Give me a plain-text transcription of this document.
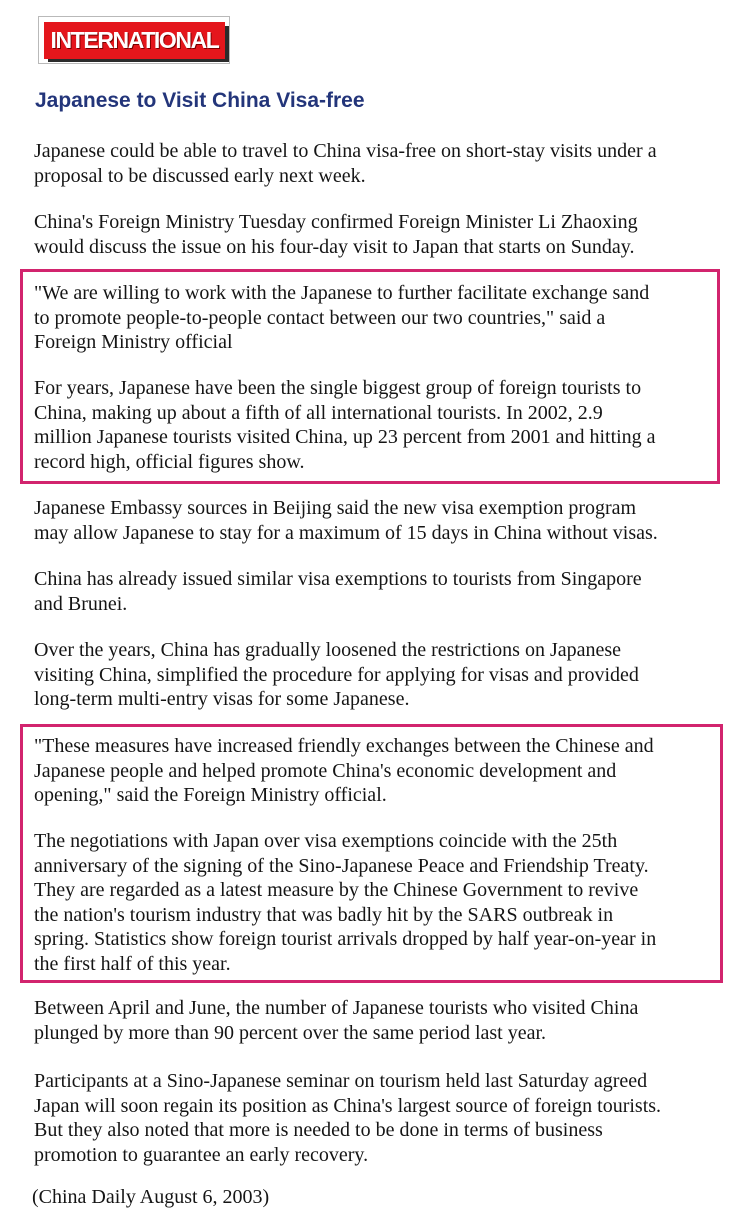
INTERNATIONAL
Japanese to Visit China Visa-free

Japanese could be able to travel to China visa-free on short-stay visits under a
proposal to be discussed early next week.

China's Foreign Ministry Tuesday confirmed Foreign Minister Li Zhaoxing
would discuss the issue on his four-day visit to Japan that starts on Sunday.

"We are willing to work with the Japanese to further facilitate exchange sand
to promote people-to-people contact between our two countries," said a
Foreign Ministry official

For years, Japanese have been the single biggest group of foreign tourists to
China, making up about a fifth of all international tourists. In 2002, 2.9
million Japanese tourists visited China, up 23 percent from 2001 and hitting a
record high, official figures show.

Japanese Embassy sources in Beijing said the new visa exemption program
may allow Japanese to stay for a maximum of 15 days in China without visas.

China has already issued similar visa exemptions to tourists from Singapore
and Brunei.

Over the years, China has gradually loosened the restrictions on Japanese
visiting China, simplified the procedure for applying for visas and provided
long-term multi-entry visas for some Japanese.

"These measures have increased friendly exchanges between the Chinese and
Japanese people and helped promote China's economic development and
opening," said the Foreign Ministry official.

The negotiations with Japan over visa exemptions coincide with the 25th
anniversary of the signing of the Sino-Japanese Peace and Friendship Treaty.
They are regarded as a latest measure by the Chinese Government to revive
the nation's tourism industry that was badly hit by the SARS outbreak in
spring. Statistics show foreign tourist arrivals dropped by half year-on-year in
the first half of this year.

Between April and June, the number of Japanese tourists who visited China
plunged by more than 90 percent over the same period last year.

Participants at a Sino-Japanese seminar on tourism held last Saturday agreed
Japan will soon regain its position as China's largest source of foreign tourists.
But they also noted that more is needed to be done in terms of business
promotion to guarantee an early recovery.

(China Daily August 6, 2003)
